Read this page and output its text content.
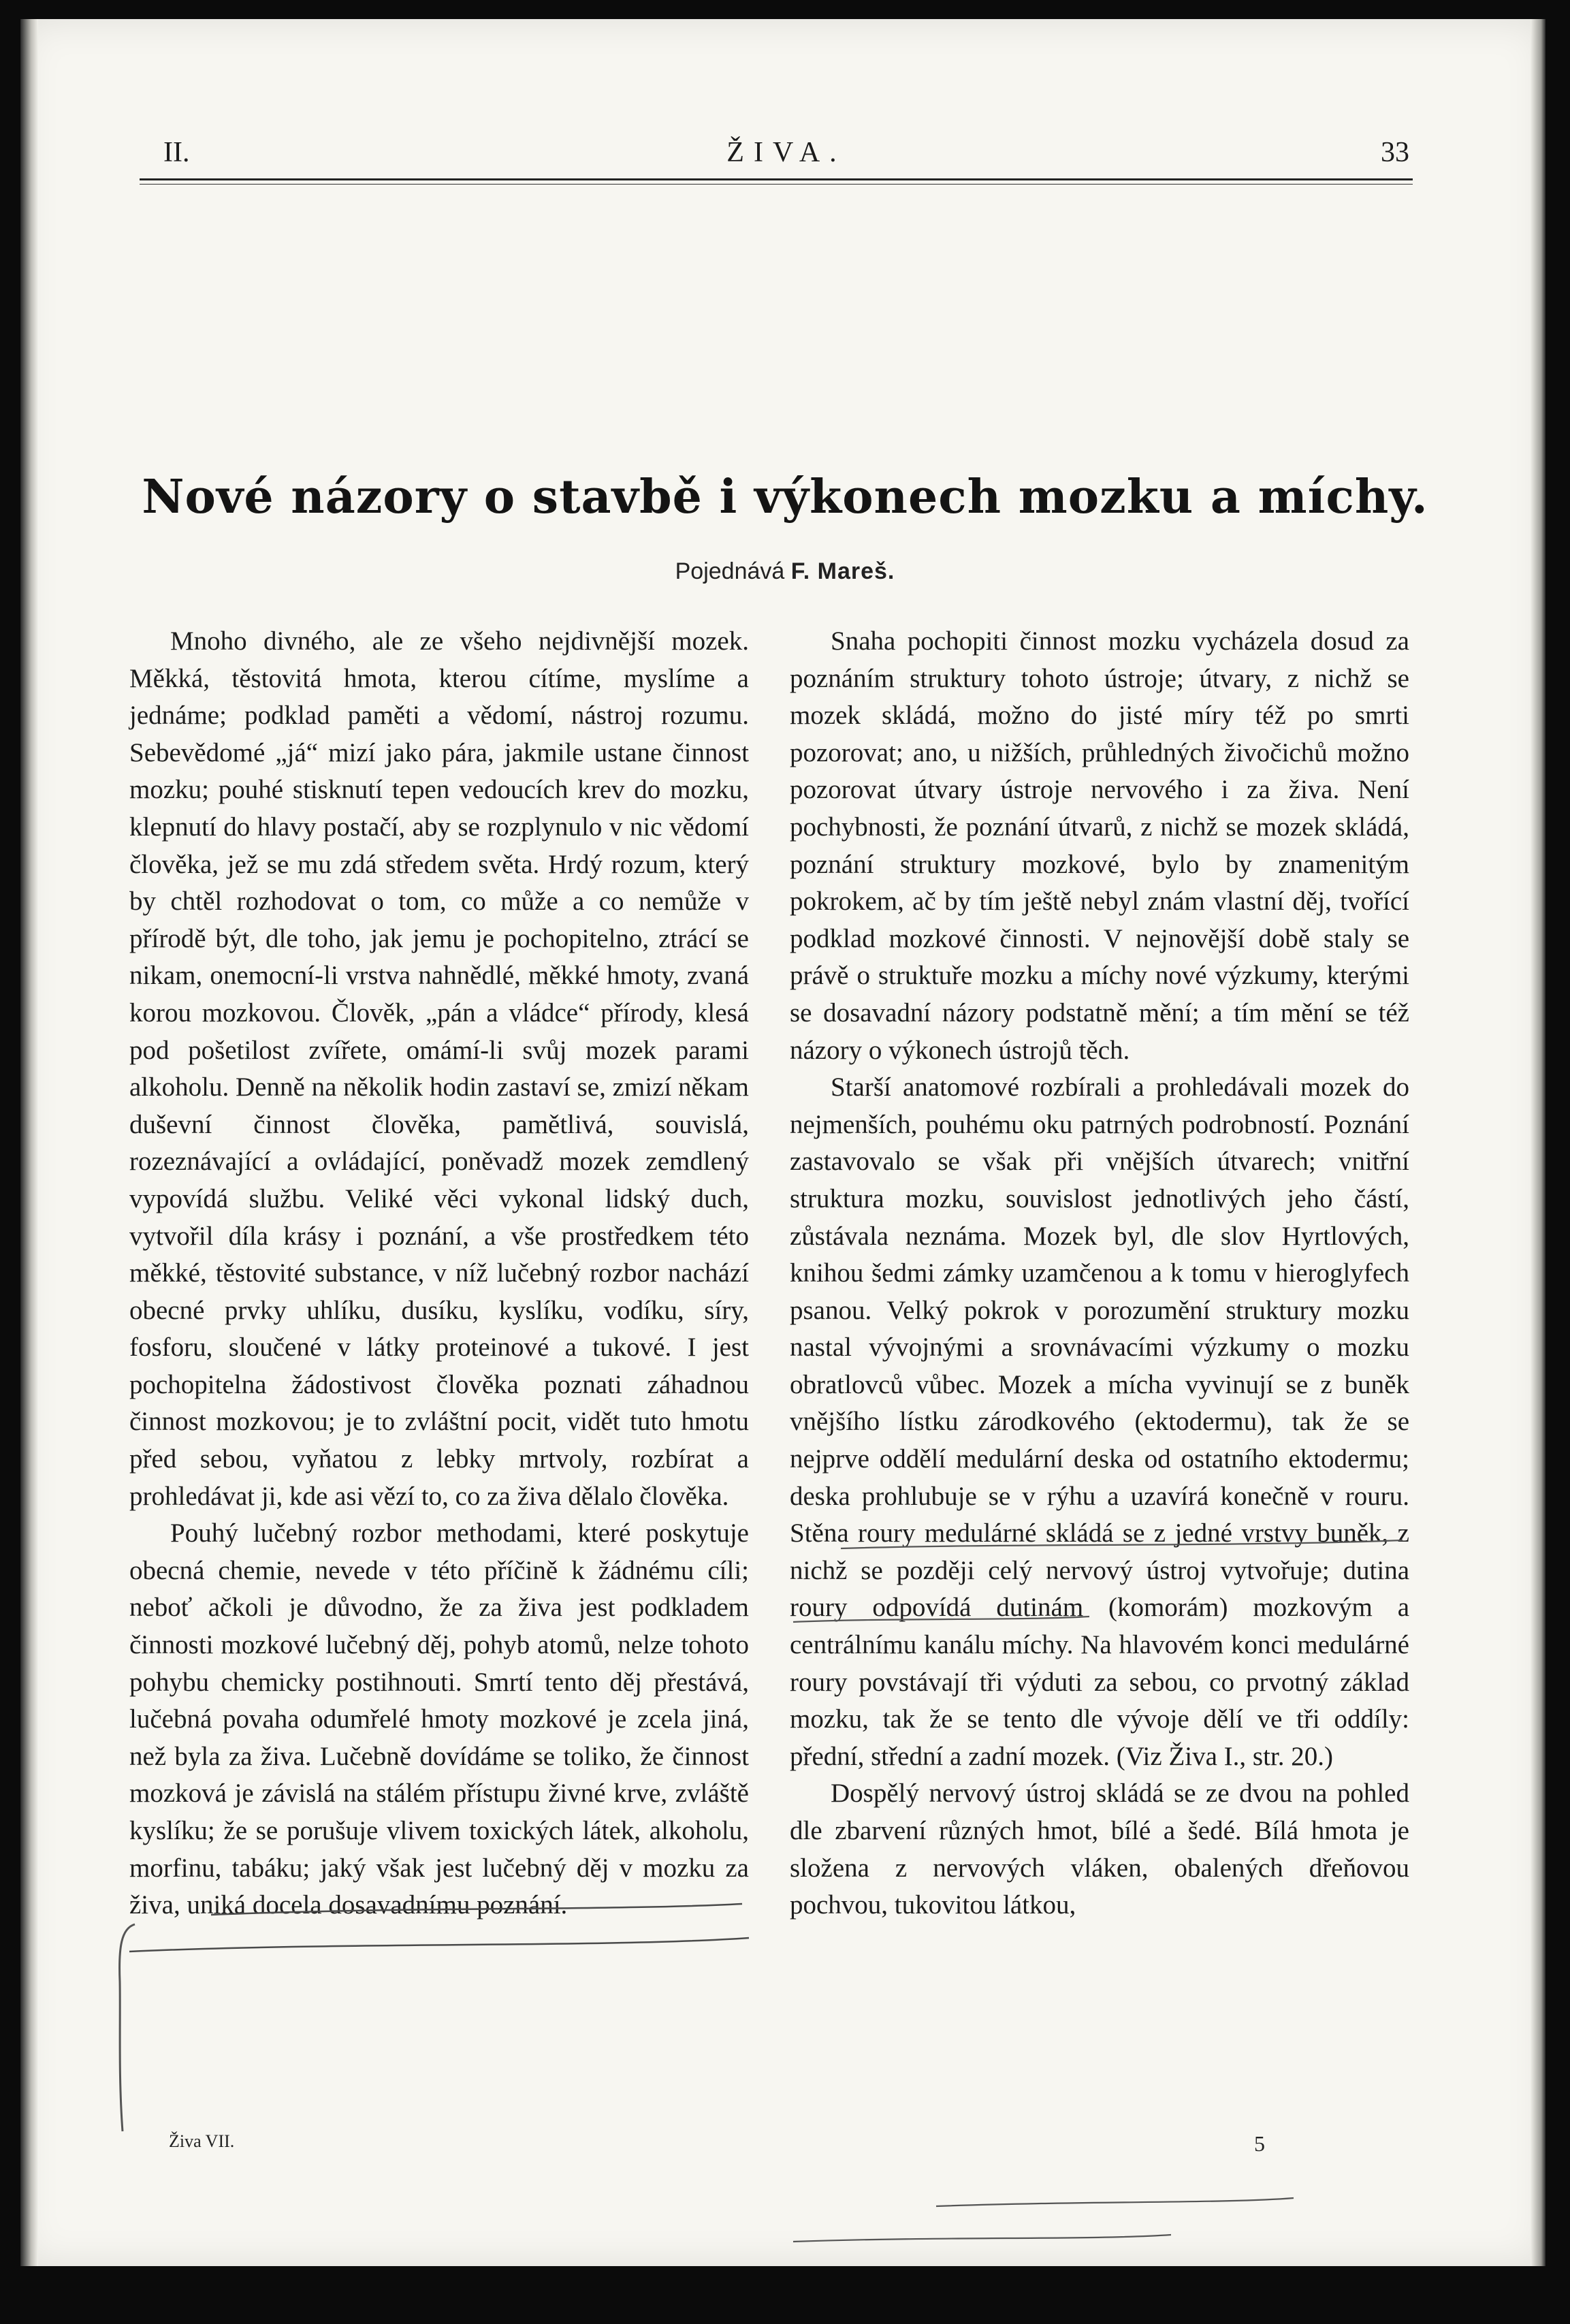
II.	ŽIVA.	33
Nové názory o stavbě i výkonech mozku a míchy.
Pojednává F. Mareš.

Mnoho divného, ale ze všeho nejdivnější mozek. Měkká, těstovitá hmota, kterou cítíme, myslíme a jednáme; podklad paměti a vědomí, nástroj rozumu. Sebevědomé „já“ mizí jako pára, jakmile ustane činnost mozku; pouhé stisknutí tepen vedoucích krev do mozku, klepnutí do hlavy postačí, aby se rozplynulo v nic vědomí člověka, jež se mu zdá středem světa. Hrdý rozum, který by chtěl rozhodovat o tom, co může a co nemůže v přírodě být, dle toho, jak jemu je pochopitelno, ztrácí se nikam, onemocní-li vrstva nahnědlé, měkké hmoty, zvaná korou mozkovou. Člověk, „pán a vládce“ přírody, klesá pod pošetilost zvířete, omámí-li svůj mozek parami alkoholu. Denně na několik hodin zastaví se, zmizí někam duševní činnost člověka, pamětlivá, souvislá, rozeznávající a ovládající, poněvadž mozek zemdlený vypovídá službu. Veliké věci vykonal lidský duch, vytvořil díla krásy i poznání, a vše prostředkem této měkké, těstovité substance, v níž lučebný rozbor nachází obecné prvky uhlíku, dusíku, kyslíku, vodíku, síry, fosforu, sloučené v látky proteinové a tukové. I jest pochopitelna žádostivost člověka poznati záhadnou činnost mozkovou; je to zvláštní pocit, vidět tuto hmotu před sebou, vyňatou z lebky mrtvoly, rozbírat a prohledávat ji, kde asi vězí to, co za živa dělalo člověka.

Pouhý lučebný rozbor methodami, které poskytuje obecná chemie, nevede v této příčině k žádnému cíli; neboť ačkoli je důvodno, že za živa jest podkladem činnosti mozkové lučebný děj, pohyb atomů, nelze tohoto pohybu chemicky postihnouti. Smrtí tento děj přestává, lučebná povaha odumřelé hmoty mozkové je zcela jiná, než byla za živa. Lučebně dovídáme se toliko, že činnost mozková je závislá na stálém přístupu živné krve, zvláště kyslíku; že se porušuje vlivem toxických látek, alkoholu, morfinu, tabáku; jaký však jest lučebný děj v mozku za živa, uniká docela dosavadnímu poznání.

Snaha pochopiti činnost mozku vycházela dosud za poznáním struktury tohoto ústroje; útvary, z nichž se mozek skládá, možno do jisté míry též po smrti pozorovat; ano, u nižších, průhledných živočichů možno pozorovat útvary ústroje nervového i za živa. Není pochybnosti, že poznání útvarů, z nichž se mozek skládá, poznání struktury mozkové, bylo by znamenitým pokrokem, ač by tím ještě nebyl znám vlastní děj, tvořící podklad mozkové činnosti. V nejnovější době staly se právě o struktuře mozku a míchy nové výzkumy, kterými se dosavadní názory podstatně mění; a tím mění se též názory o výkonech ústrojů těch.

Starší anatomové rozbírali a prohledávali mozek do nejmenších, pouhému oku patrných podrobností. Poznání zastavovalo se však při vnějších útvarech; vnitřní struktura mozku, souvislost jednotlivých jeho částí, zůstávala neznáma. Mozek byl, dle slov Hyrtlových, knihou šedmi zámky uzamčenou a k tomu v hieroglyfech psanou. Velký pokrok v porozumění struktury mozku nastal vývojnými a srovnávacími výzkumy o mozku obratlovců vůbec. Mozek a mícha vyvinují se z buněk vnějšího lístku zárodkového (ektodermu), tak že se nejprve oddělí medulární deska od ostatního ektodermu; deska prohlubuje se v rýhu a uzavírá konečně v rouru. Stěna roury medulárné skládá se z jedné vrstvy buněk, z nichž se později celý nervový ústroj vytvořuje; dutina roury odpovídá dutinám (komorám) mozkovým a centrálnímu kanálu míchy. Na hlavovém konci medulárné roury povstávají tři výduti za sebou, co prvotný základ mozku, tak že se tento dle vývoje dělí ve tři oddíly: přední, střední a zadní mozek. (Viz Živa I., str. 20.)

Dospělý nervový ústroj skládá se ze dvou na pohled dle zbarvení různých hmot, bílé a šedé. Bílá hmota je složena z nervových vláken, obalených dřeňovou pochvou, tukovitou látkou,

Živa VII.	5
